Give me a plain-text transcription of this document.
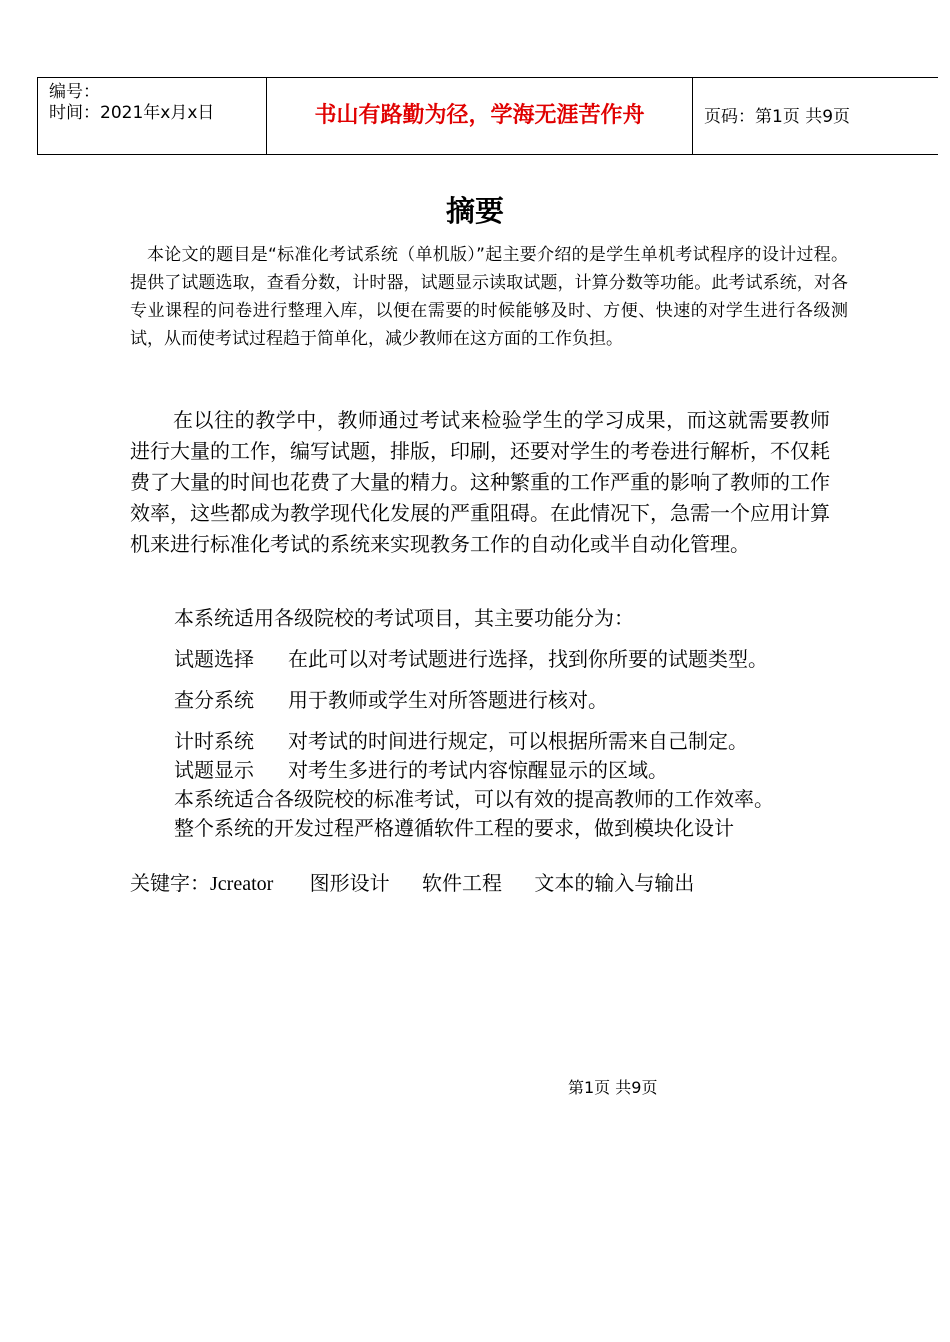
编号：
时间：2021年x月x日	书山有路勤为径，学海无涯苦作舟	页码：第1页 共9页
摘要

本论文的题目是“标准化考试系统（单机版）”起主要介绍的是学生单机考试程序的设计过程。提供了试题选取，查看分数，计时器，试题显示读取试题，计算分数等功能。此考试系统，对各专业课程的问卷进行整理入库，以便在需要的时候能够及时、方便、快速的对学生进行各级测试，从而使考试过程趋于简单化，减少教师在这方面的工作负担。

在以往的教学中，教师通过考试来检验学生的学习成果，而这就需要教师进行大量的工作，编写试题，排版，印刷，还要对学生的考卷进行解析，不仅耗费了大量的时间也花费了大量的精力。这种繁重的工作严重的影响了教师的工作效率，这些都成为教学现代化发展的严重阻碍。在此情况下，急需一个应用计算机来进行标准化考试的系统来实现教务工作的自动化或半自动化管理。

本系统适用各级院校的考试项目，其主要功能分为：
试题选择 在此可以对考试题进行选择，找到你所要的试题类型。
查分系统 用于教师或学生对所答题进行核对。
计时系统 对考试的时间进行规定，可以根据所需来自己制定。
试题显示 对考生多进行的考试内容惊醒显示的区域。
本系统适合各级院校的标准考试，可以有效的提高教师的工作效率。
整个系统的开发过程严格遵循软件工程的要求，做到模块化设计
关键字：Jcreator 图形设计 软件工程 文本的输入与输出
第1页 共9页
